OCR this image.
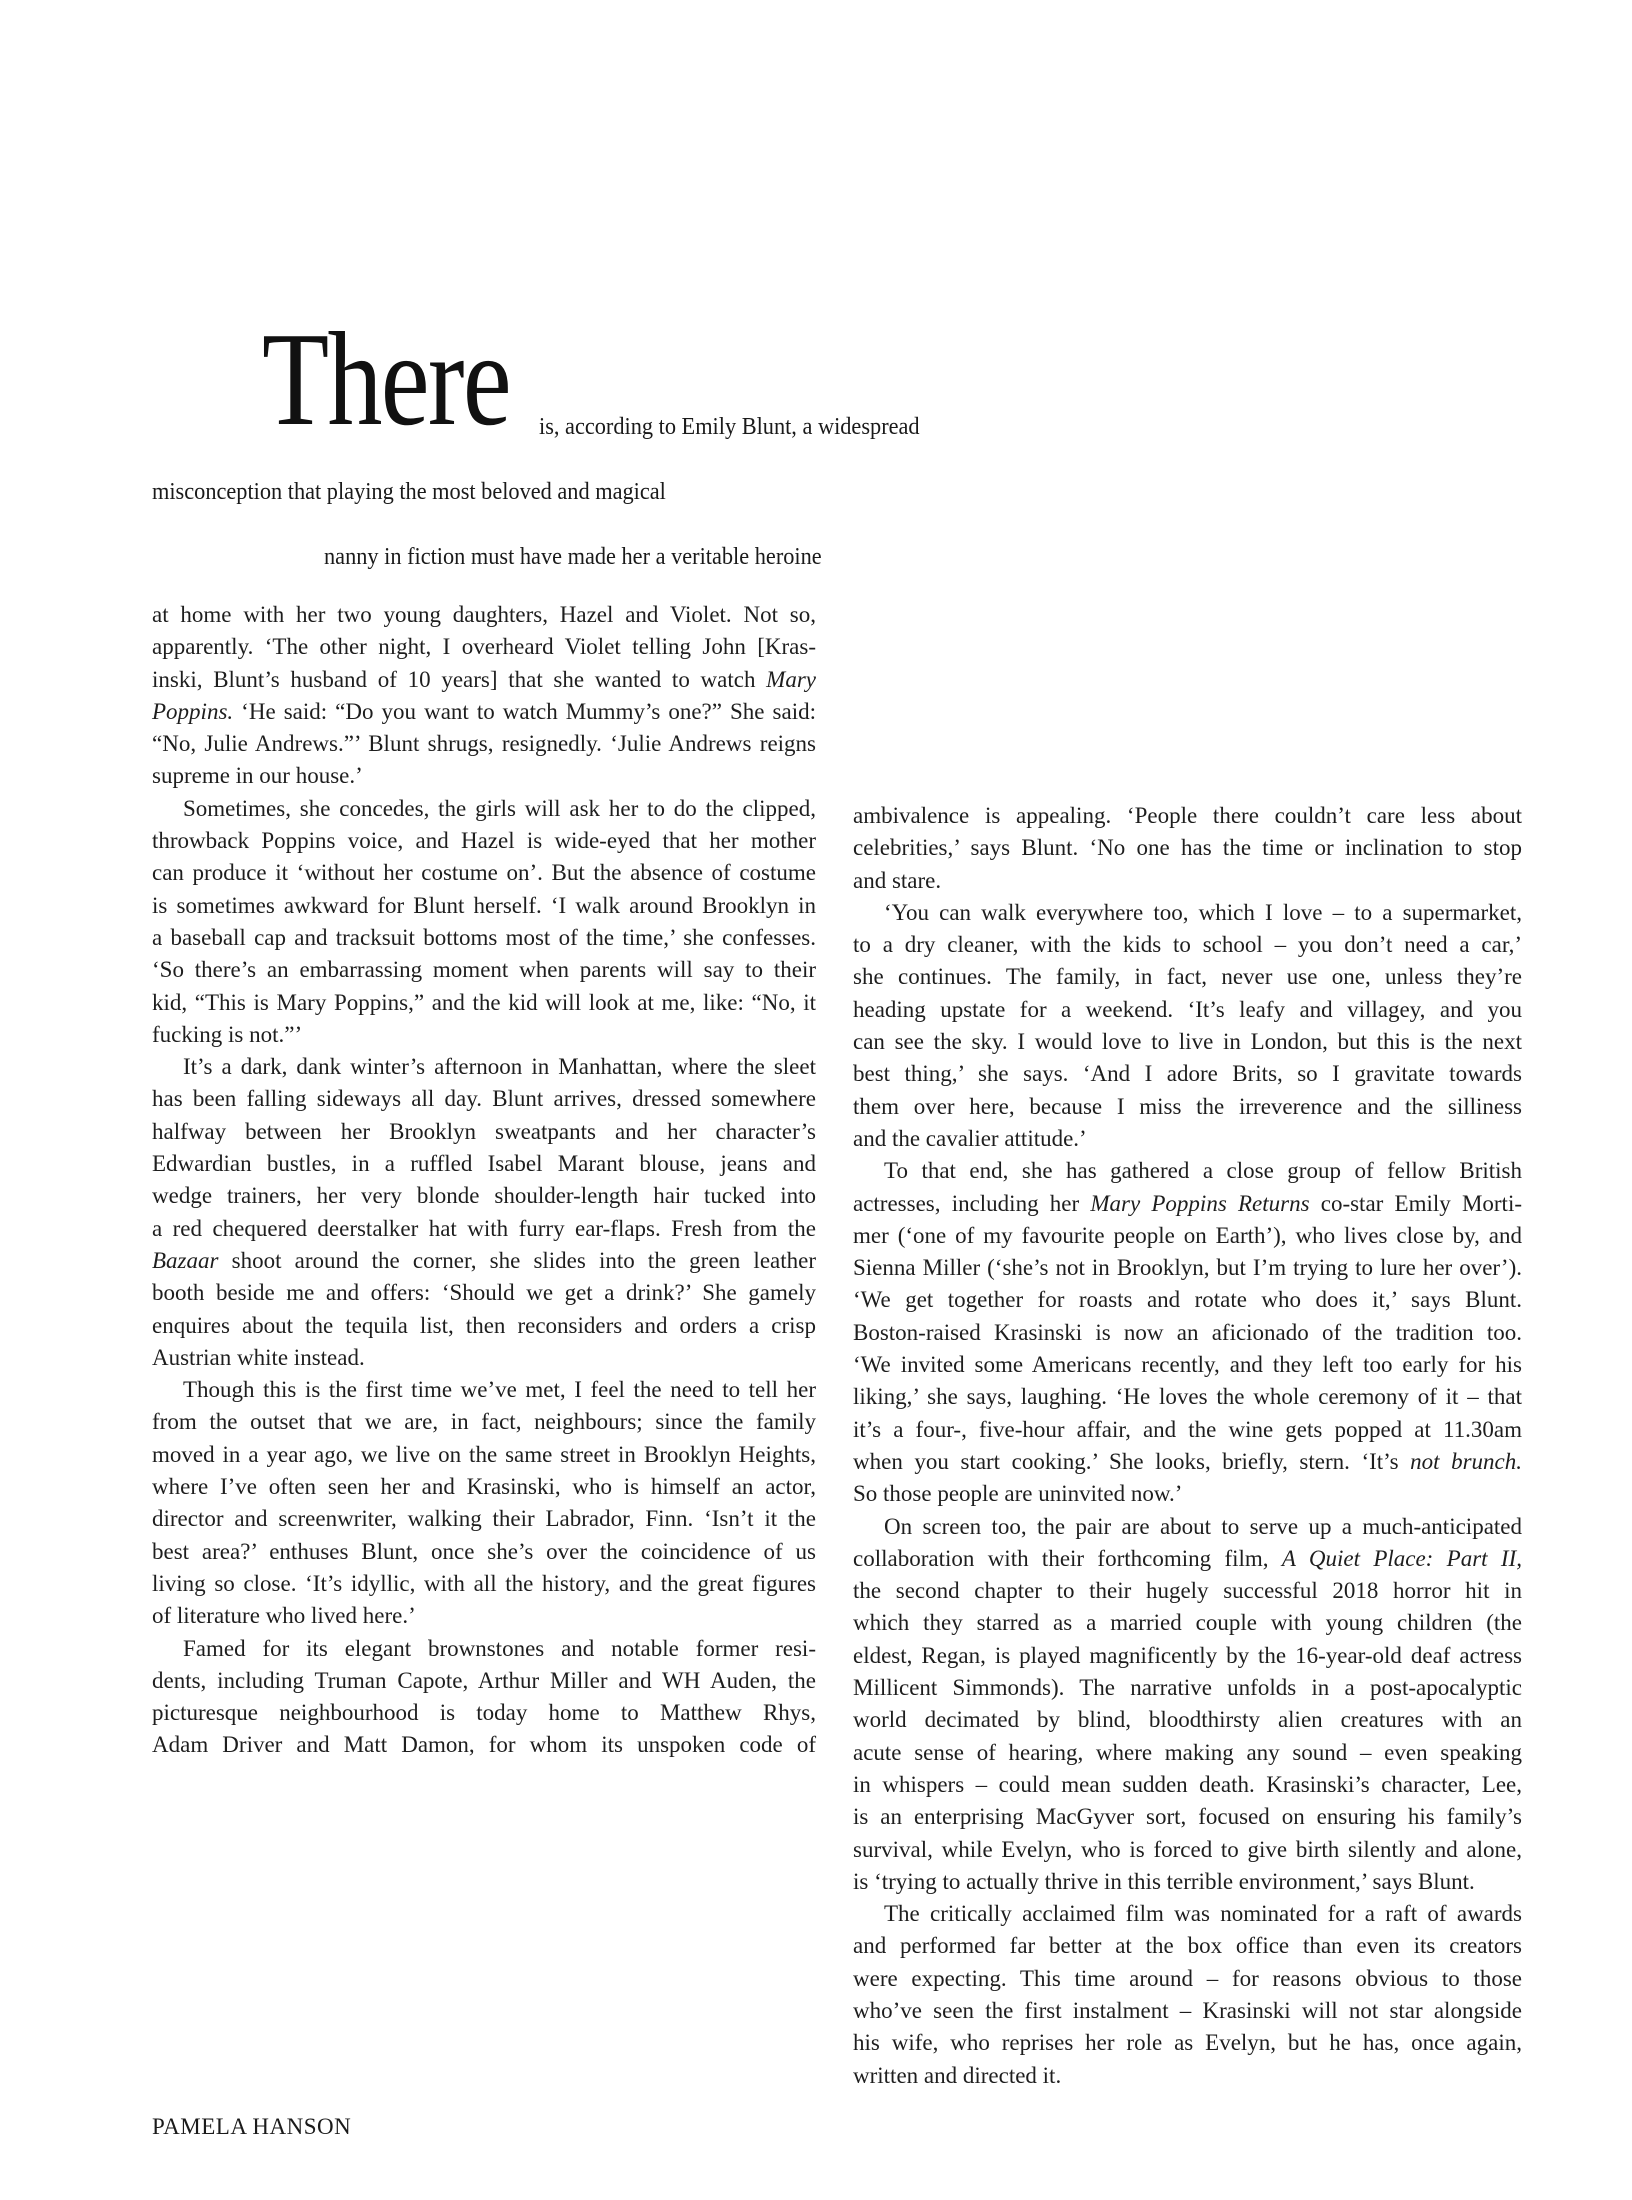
There is, according to Emily Blunt, a widespread
misconception that playing the most beloved and magical
nanny in fiction must have made her a veritable heroine
at home with her two young daughters, Hazel and Violet. Not so,
apparently. ‘The other night, I overheard Violet telling John [Kras-
inski, Blunt’s husband of 10 years] that she wanted to watch Mary
Poppins. ‘He said: “Do you want to watch Mummy’s one?” She said:
“No, Julie Andrews.”’ Blunt shrugs, resignedly. ‘Julie Andrews reigns
supreme in our house.’
Sometimes, she concedes, the girls will ask her to do the clipped,
throwback Poppins voice, and Hazel is wide-eyed that her mother
can produce it ‘without her costume on’. But the absence of costume
is sometimes awkward for Blunt herself. ‘I walk around Brooklyn in
a baseball cap and tracksuit bottoms most of the time,’ she confesses.
‘So there’s an embarrassing moment when parents will say to their
kid, “This is Mary Poppins,” and the kid will look at me, like: “No, it
fucking is not.”’
It’s a dark, dank winter’s afternoon in Manhattan, where the sleet
has been falling sideways all day. Blunt arrives, dressed somewhere
halfway between her Brooklyn sweatpants and her character’s
Edwardian bustles, in a ruffled Isabel Marant blouse, jeans and
wedge trainers, her very blonde shoulder-length hair tucked into
a red chequered deerstalker hat with furry ear-flaps. Fresh from the
Bazaar shoot around the corner, she slides into the green leather
booth beside me and offers: ‘Should we get a drink?’ She gamely
enquires about the tequila list, then reconsiders and orders a crisp
Austrian white instead.
Though this is the first time we’ve met, I feel the need to tell her
from the outset that we are, in fact, neighbours; since the family
moved in a year ago, we live on the same street in Brooklyn Heights,
where I’ve often seen her and Krasinski, who is himself an actor,
director and screenwriter, walking their Labrador, Finn. ‘Isn’t it the
best area?’ enthuses Blunt, once she’s over the coincidence of us
living so close. ‘It’s idyllic, with all the history, and the great figures
of literature who lived here.’
Famed for its elegant brownstones and notable former resi-
dents, including Truman Capote, Arthur Miller and WH Auden, the
picturesque neighbourhood is today home to Matthew Rhys,
Adam Driver and Matt Damon, for whom its unspoken code of
ambivalence is appealing. ‘People there couldn’t care less about
celebrities,’ says Blunt. ‘No one has the time or inclination to stop
and stare.
‘You can walk everywhere too, which I love – to a supermarket,
to a dry cleaner, with the kids to school – you don’t need a car,’
she continues. The family, in fact, never use one, unless they’re
heading upstate for a weekend. ‘It’s leafy and villagey, and you
can see the sky. I would love to live in London, but this is the next
best thing,’ she says. ‘And I adore Brits, so I gravitate towards
them over here, because I miss the irreverence and the silliness
and the cavalier attitude.’
To that end, she has gathered a close group of fellow British
actresses, including her Mary Poppins Returns co-star Emily Morti-
mer (‘one of my favourite people on Earth’), who lives close by, and
Sienna Miller (‘she’s not in Brooklyn, but I’m trying to lure her over’).
‘We get together for roasts and rotate who does it,’ says Blunt.
Boston-raised Krasinski is now an aficionado of the tradition too.
‘We invited some Americans recently, and they left too early for his
liking,’ she says, laughing. ‘He loves the whole ceremony of it – that
it’s a four-, five-hour affair, and the wine gets popped at 11.30am
when you start cooking.’ She looks, briefly, stern. ‘It’s not brunch.
So those people are uninvited now.’
On screen too, the pair are about to serve up a much-anticipated
collaboration with their forthcoming film, A Quiet Place: Part II,
the second chapter to their hugely successful 2018 horror hit in
which they starred as a married couple with young children (the
eldest, Regan, is played magnificently by the 16-year-old deaf actress
Millicent Simmonds). The narrative unfolds in a post-apocalyptic
world decimated by blind, bloodthirsty alien creatures with an
acute sense of hearing, where making any sound – even speaking
in whispers – could mean sudden death. Krasinski’s character, Lee,
is an enterprising MacGyver sort, focused on ensuring his family’s
survival, while Evelyn, who is forced to give birth silently and alone,
is ‘trying to actually thrive in this terrible environment,’ says Blunt.
The critically acclaimed film was nominated for a raft of awards
and performed far better at the box office than even its creators
were expecting. This time around – for reasons obvious to those
who’ve seen the first instalment – Krasinski will not star alongside
his wife, who reprises her role as Evelyn, but he has, once again,
written and directed it.
PAMELA HANSON
